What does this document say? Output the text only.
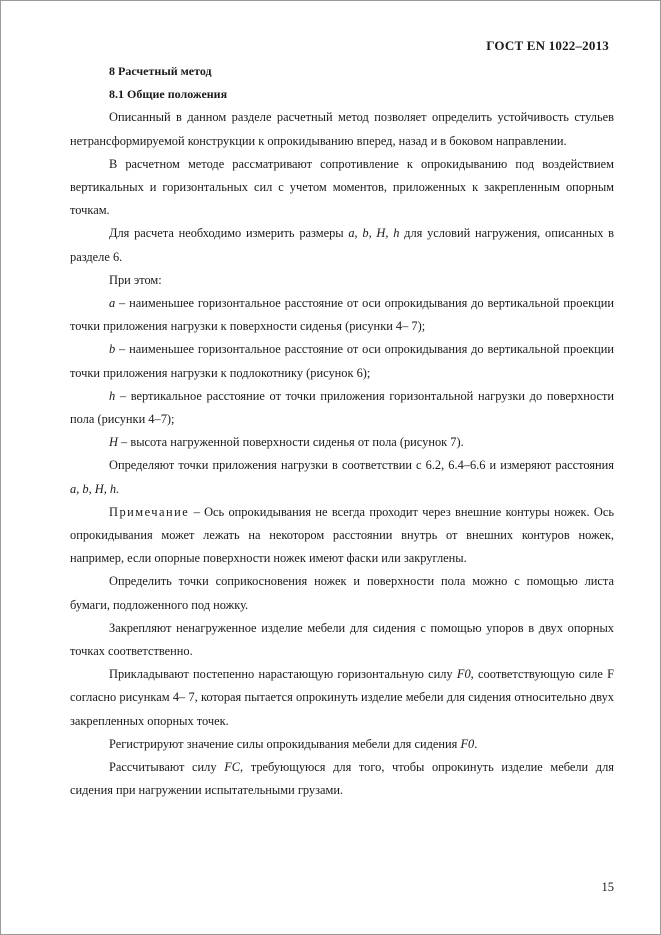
ГОСТ EN 1022–2013

8 Расчетный метод

8.1 Общие положения

Описанный в данном разделе расчетный метод позволяет определить устойчивость стульев нетрансформируемой конструкции к опрокидыванию вперед, назад и в боковом направлении.

В расчетном методе рассматривают сопротивление к опрокидыванию под воздействием вертикальных и горизонтальных сил с учетом моментов, приложенных к закрепленным опорным точкам.

Для расчета необходимо измерить размеры a, b, H, h для условий нагружения, описанных в разделе 6.

При этом:

a – наименьшее горизонтальное расстояние от оси опрокидывания до вертикальной проекции точки приложения нагрузки к поверхности сиденья (рисунки 4– 7);

b – наименьшее горизонтальное расстояние от оси опрокидывания до вертикальной проекции точки приложения нагрузки к подлокотнику (рисунок 6);

h – вертикальное расстояние от точки приложения горизонтальной нагрузки до поверхности пола (рисунки 4–7);

H – высота нагруженной поверхности сиденья от пола (рисунок 7).

Определяют точки приложения нагрузки в соответствии с 6.2, 6.4–6.6 и измеряют расстояния a, b, H, h.

Примечание – Ось опрокидывания не всегда проходит через внешние контуры ножек. Ось опрокидывания может лежать на некотором расстоянии внутрь от внешних контуров ножек, например, если опорные поверхности ножек имеют фаски или закруглены.

Определить точки соприкосновения ножек и поверхности пола можно с помощью листа бумаги, подложенного под ножку.

Закрепляют ненагруженное изделие мебели для сидения с помощью упоров в двух опорных точках соответственно.

Прикладывают постепенно нарастающую горизонтальную силу F0, соответствующую силе F согласно рисункам 4– 7, которая пытается опрокинуть изделие мебели для сидения относительно двух закрепленных опорных точек.

Регистрируют значение силы опрокидывания мебели для сидения F0.

Рассчитывают силу FC, требующуюся для того, чтобы опрокинуть изделие мебели для сидения при нагружении испытательными грузами.

15
